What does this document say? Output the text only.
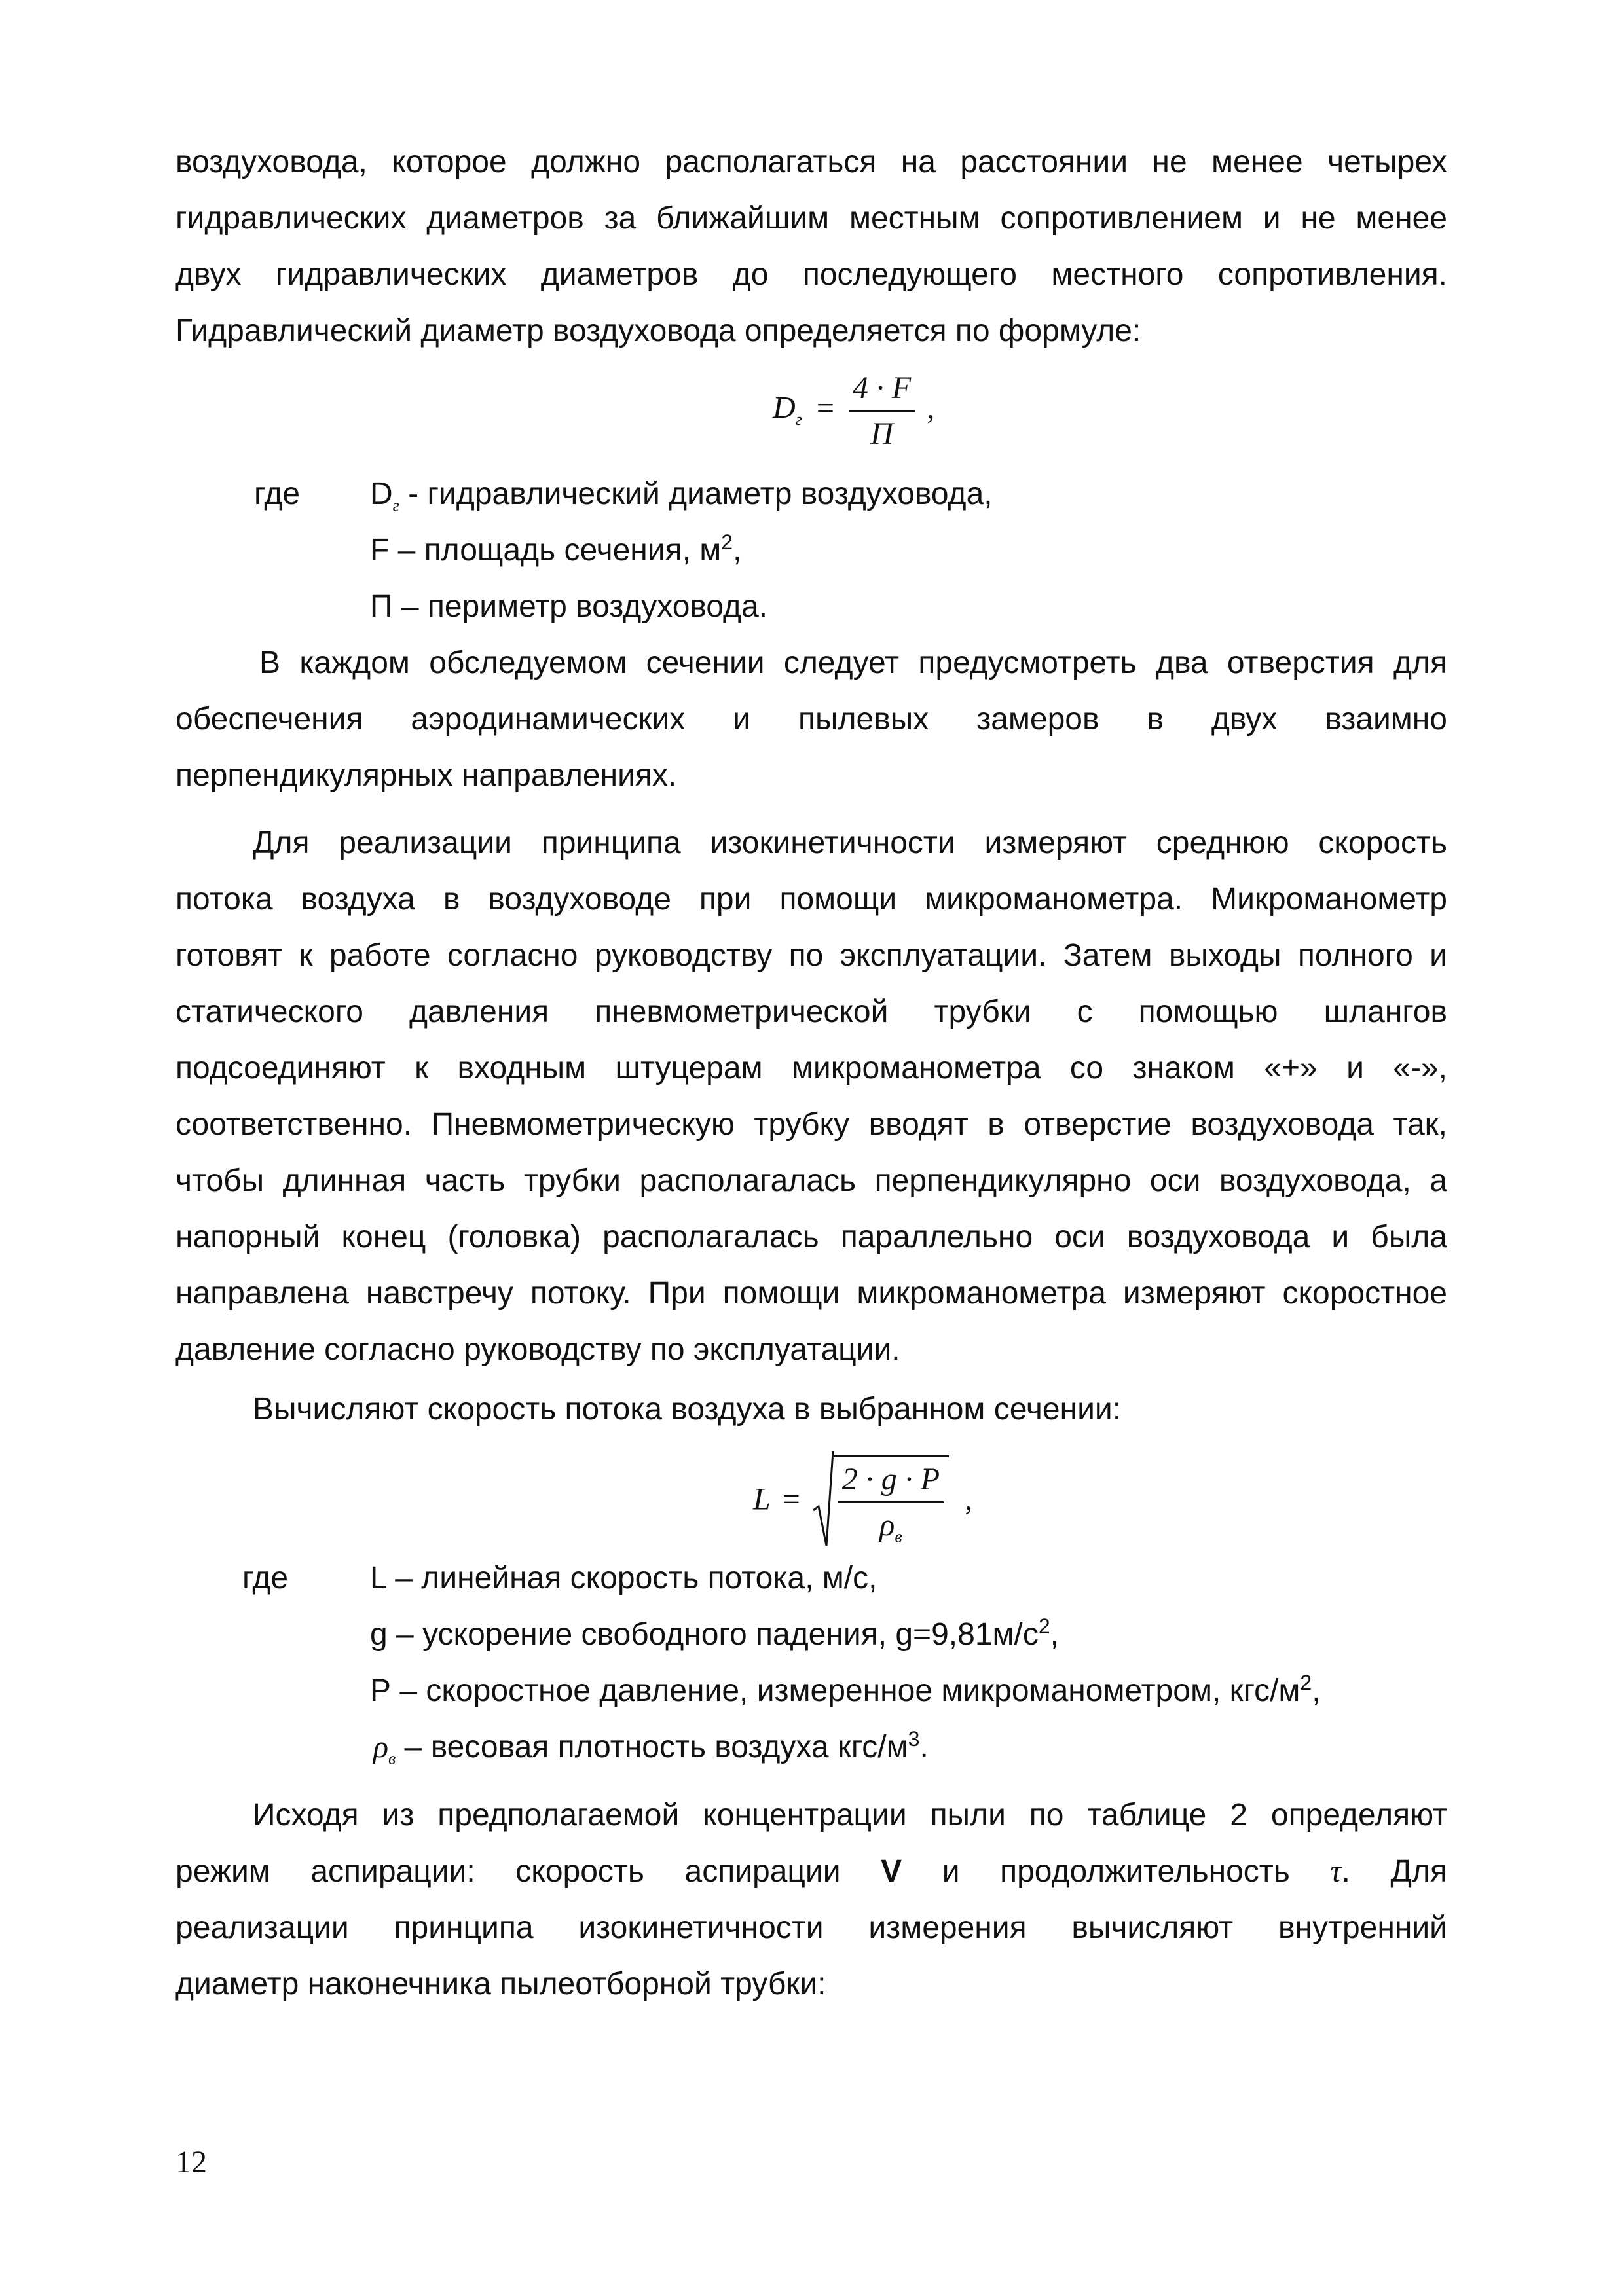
воздуховода, которое должно располагаться на расстоянии не менее четырех
гидравлических диаметров за ближайшим местным сопротивлением и не менее
двух гидравлических диаметров до последующего местного сопротивления.
Гидравлический диаметр воздуховода определяется по формуле:
$D_г = \frac{4 \cdot F}{П}$ ,
где $D_г$ - гидравлический диаметр воздуховода,
F – площадь сечения, $м^2$,
П – периметр воздуховода.
В каждом обследуемом сечении следует предусмотреть два отверстия для
обеспечения аэродинамических и пылевых замеров в двух взаимно
перпендикулярных направлениях.
Для реализации принципа изокинетичности измеряют среднюю скорость
потока воздуха в воздуховоде при помощи микроманометра. Микроманометр
готовят к работе согласно руководству по эксплуатации. Затем выходы полного и
статического давления пневмометрической трубки с помощью шлангов
подсоединяют к входным штуцерам микроманометра со знаком «+» и «-»,
соответственно. Пневмометрическую трубку вводят в отверстие воздуховода так,
чтобы длинная часть трубки располагалась перпендикулярно оси воздуховода, а
напорный конец (головка) располагалась параллельно оси воздуховода и была
направлена навстречу потоку. При помощи микроманометра измеряют скоростное
давление согласно руководству по эксплуатации.
Вычисляют скорость потока воздуха в выбранном сечении:
$L = \frac{2 \cdot g \cdot P}{\rho_в}$ ,
где	L – линейная скорость потока, м/с,
g – ускорение свободного падения, $g=9,81м/с^2$,
Р – скоростное давление, измеренное микроманометром, кгс/$м^2$,
$\rho_в$ – весовая плотность воздуха кгс/$м^3$.
Исходя из предполагаемой концентрации пыли по таблице 2 определяют
режим аспирации: скорость аспирации V и продолжительность τ. Для
реализации принципа изокинетичности измерения вычисляют внутренний
диаметр наконечника пылеотборной трубки:
12
